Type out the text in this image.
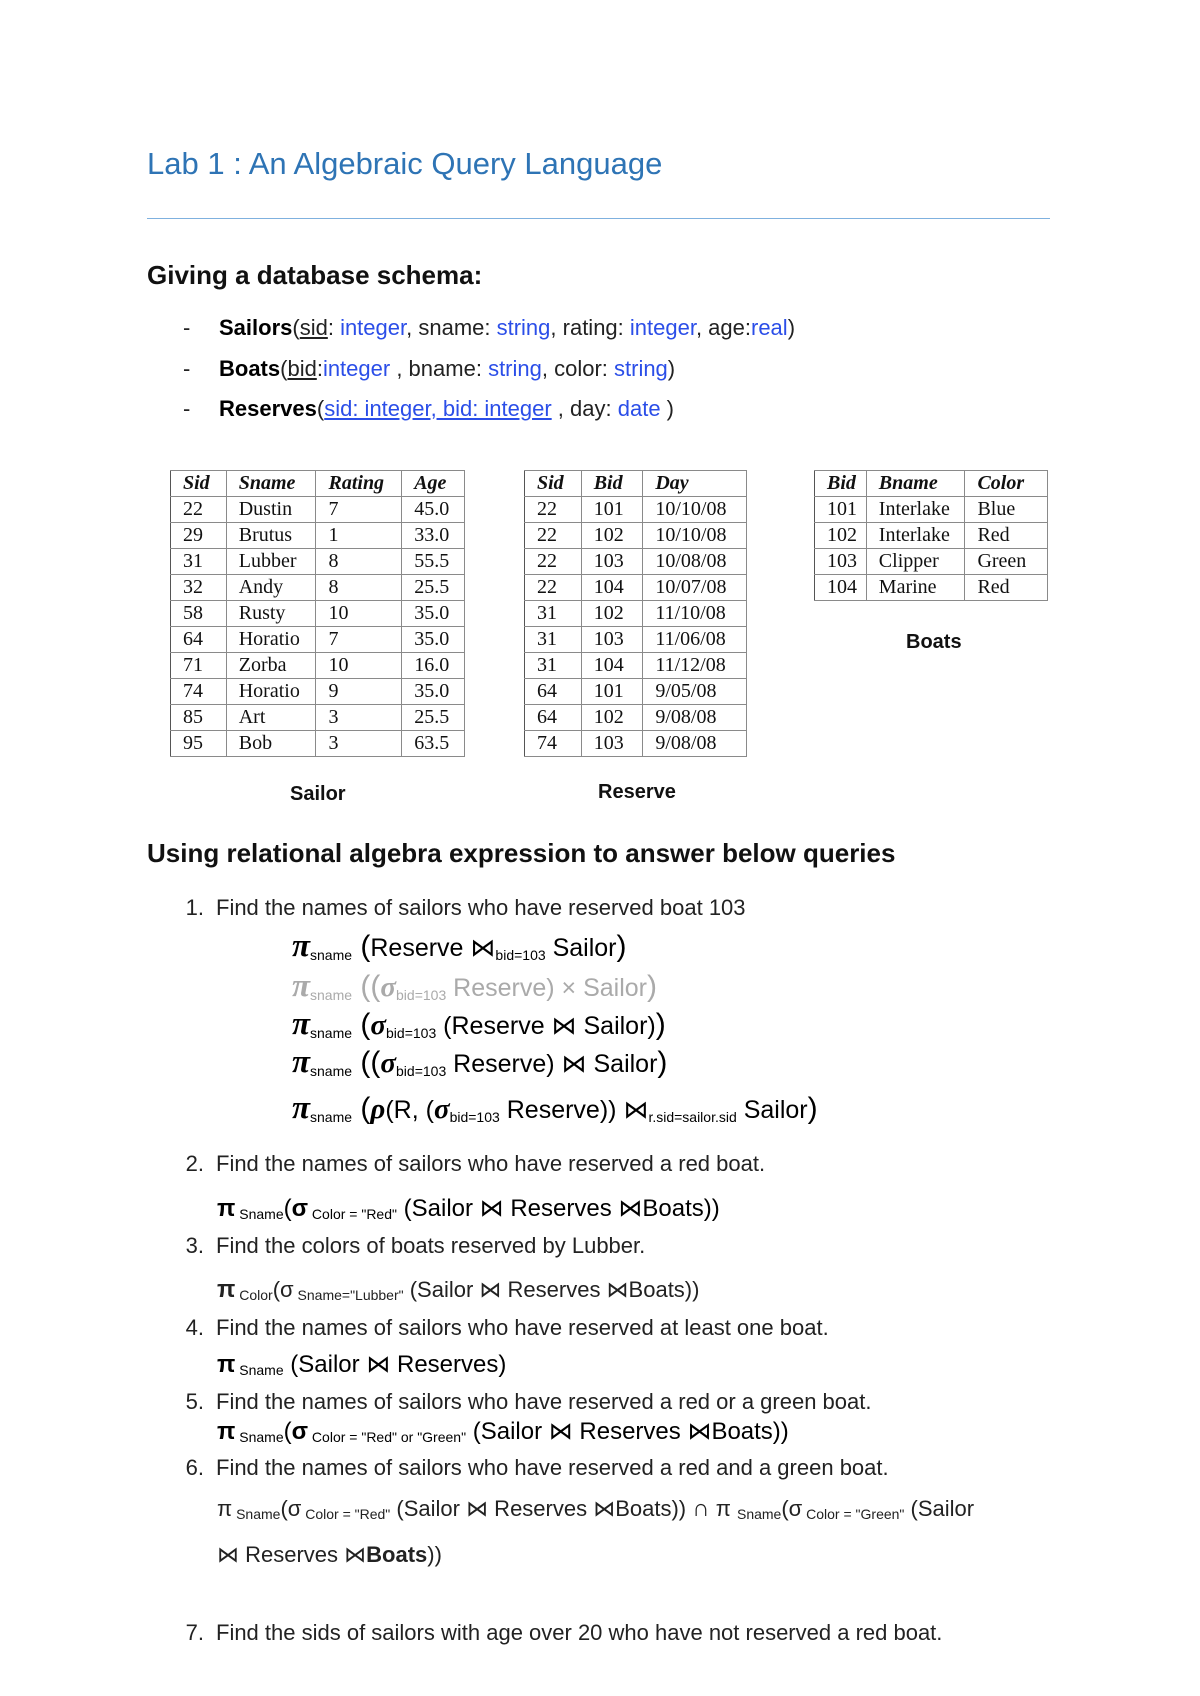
Lab 1 : An Algebraic Query Language
Giving a database schema:
- Sailors(sid: integer, sname: string, rating: integer, age:real)
- Boats(bid:integer , bname: string, color: string)
- Reserves(sid: integer, bid: integer , day: date )
Sid	Sname	Rating	Age
22	Dustin	7	45.0
29	Brutus	1	33.0
31	Lubber	8	55.5
32	Andy	8	25.5
58	Rusty	10	35.0
64	Horatio	7	35.0
71	Zorba	10	16.0
74	Horatio	9	35.0
85	Art	3	25.5
95	Bob	3	63.5
Sailor
Sid	Bid	Day
22	101	10/10/08
22	102	10/10/08
22	103	10/08/08
22	104	10/07/08
31	102	11/10/08
31	103	11/06/08
31	104	11/12/08
64	101	9/05/08
64	102	9/08/08
74	103	9/08/08
Reserve
Bid	Bname	Color
101	Interlake	Blue
102	Interlake	Red
103	Clipper	Green
104	Marine	Red
Boats
Using relational algebra expression to answer below queries
1. Find the names of sailors who have reserved boat 103
$\pi_{sname}$ (Reserve $⋈_{bid=103}$ Sailor)
$\pi_{sname}$ (($\sigma_{bid=103}$ Reserve) × Sailor)
$\pi_{sname}$ ($\sigma_{bid=103}$ (Reserve ⋈ Sailor))
$\pi_{sname}$ (($\sigma_{bid=103}$ Reserve) ⋈ Sailor)
$\pi_{sname}$ (ρ(R, ($\sigma_{bid=103}$ Reserve)) $⋈_{r.sid=sailor.sid}$ Sailor)
2. Find the names of sailors who have reserved a red boat.
π Sname(σ Color = "Red" (Sailor ⋈ Reserves ⋈Boats))
3. Find the colors of boats reserved by Lubber.
π Color(σ Sname="Lubber" (Sailor ⋈ Reserves ⋈Boats))
4. Find the names of sailors who have reserved at least one boat.
π Sname (Sailor ⋈ Reserves)
5. Find the names of sailors who have reserved a red or a green boat.
π Sname(σ Color = "Red" or "Green" (Sailor ⋈ Reserves ⋈Boats))
6. Find the names of sailors who have reserved a red and a green boat.
π Sname(σ Color = "Red" (Sailor ⋈ Reserves ⋈Boats)) ∩ π Sname(σ Color = "Green" (Sailor
⋈ Reserves ⋈Boats))
7. Find the sids of sailors with age over 20 who have not reserved a red boat.
